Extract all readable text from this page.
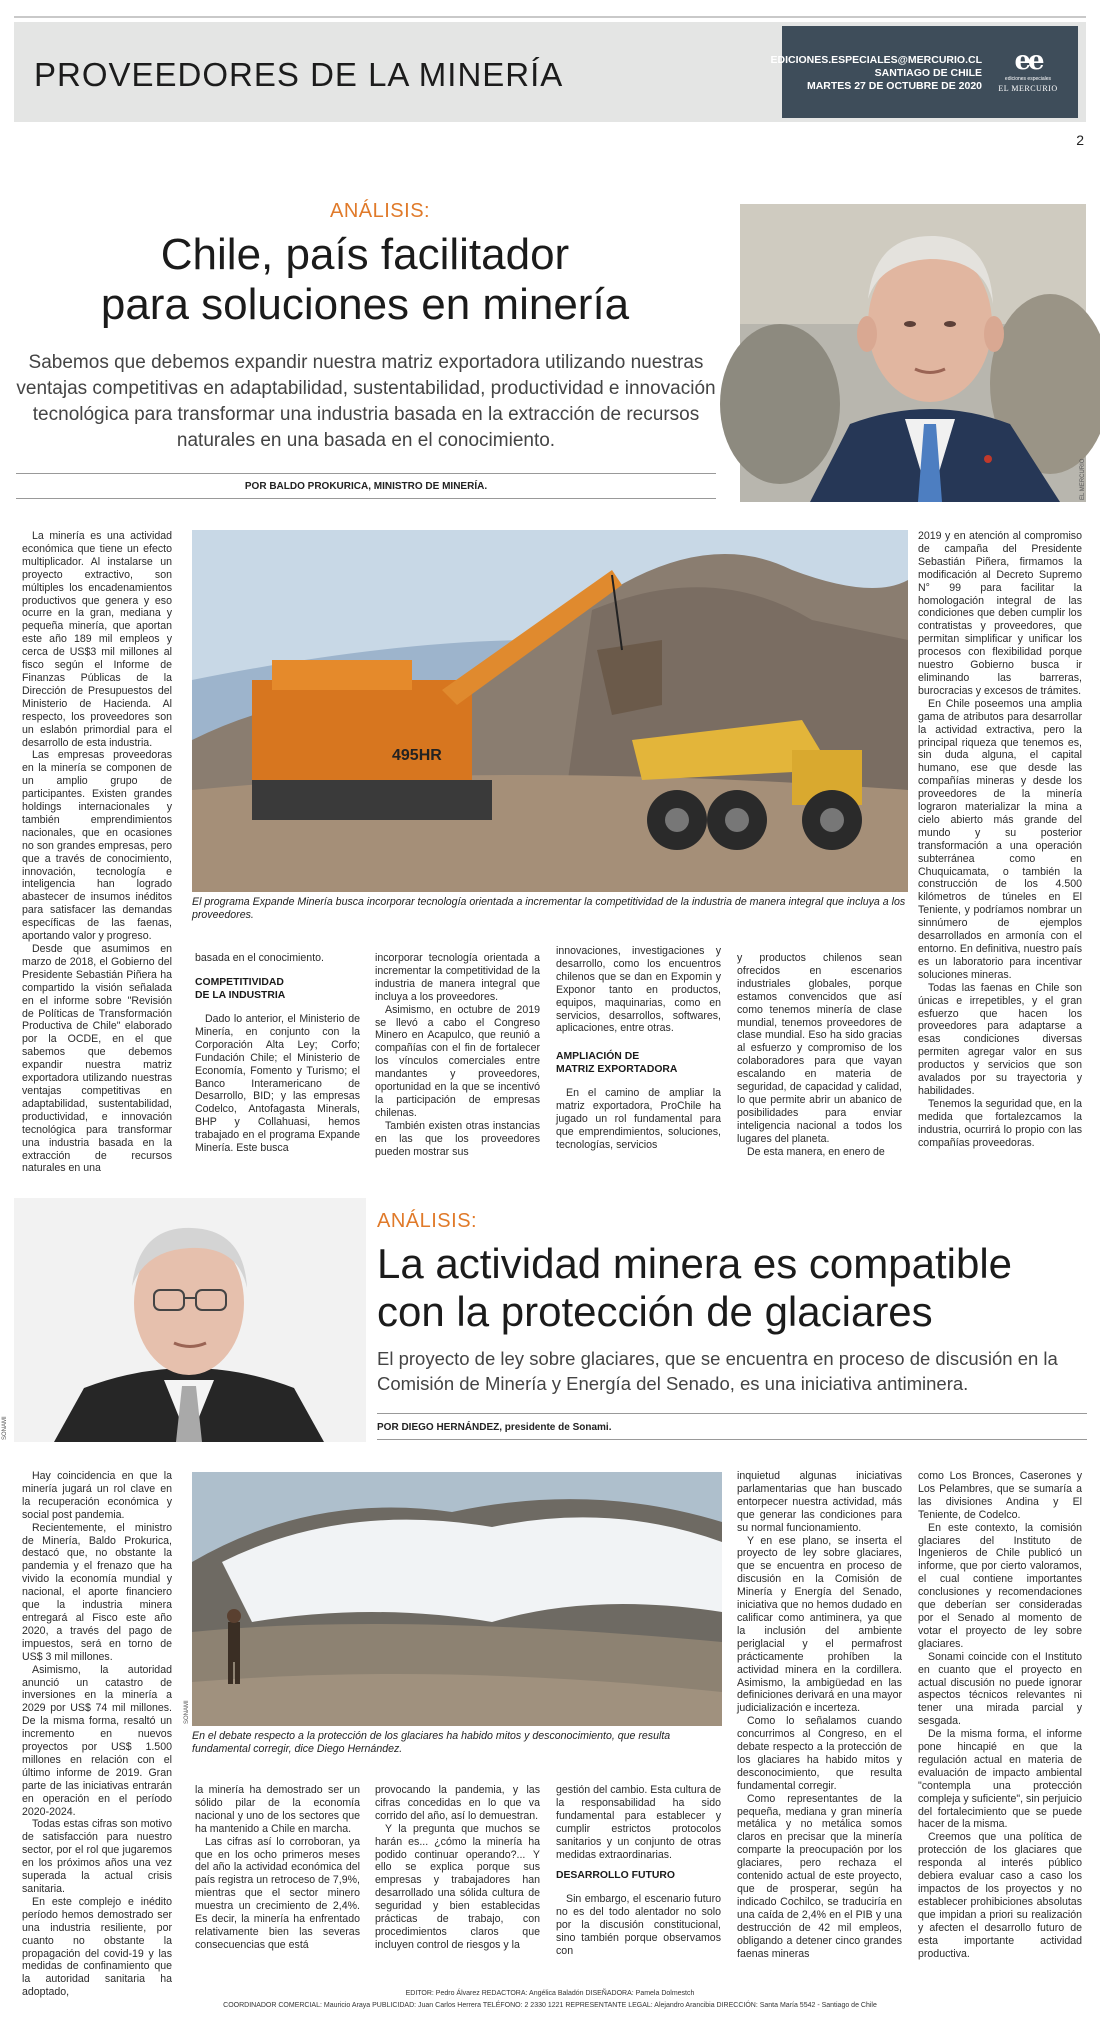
PROVEEDORES DE LA MINERÍA	EDICIONES.ESPECIALES@MERCURIO.CL
SANTIAGO DE CHILE
MARTES 27 DE OCTUBRE DE 2020
ee
ediciones especiales
EL MERCURIO
2
ANÁLISIS:
Chile, país facilitador
para soluciones en minería
Sabemos que debemos expandir nuestra matriz exportadora utilizando nuestras ventajas competitivas en adaptabilidad, sustentabilidad, productividad e innovación tecnológica para transformar una industria basada en la extracción de recursos naturales en una basada en el conocimiento.
POR BALDO PROKURICA, MINISTRO DE MINERÍA.	EL MERCURIO
495HR
El programa Expande Minería busca incorporar tecnología orientada a incrementar la competitividad de la industria de manera integral que incluya a los proveedores.

La minería es una actividad económica que tiene un efecto multiplicador. Al instalarse un proyecto extractivo, son múltiples los encadenamientos productivos que genera y eso ocurre en la gran, mediana y pequeña minería, que aportan este año 189 mil empleos y cerca de US$3 mil millones al fisco según el Informe de Finanzas Públicas de la Dirección de Presupuestos del Ministerio de Hacienda. Al respecto, los proveedores son un eslabón primordial para el desarrollo de esta industria.

Las empresas proveedoras en la minería se componen de un amplio grupo de participantes. Existen grandes holdings internacionales y también emprendimientos nacionales, que en ocasiones no son grandes empresas, pero que a través de conocimiento, innovación, tecnología e inteligencia han logrado abastecer de insumos inéditos para satisfacer las demandas específicas de las faenas, aportando valor y progreso.

Desde que asumimos en marzo de 2018, el Gobierno del Presidente Sebastián Piñera ha compartido la visión señalada en el informe sobre "Revisión de Políticas de Transformación Productiva de Chile" elaborado por la OCDE, en el que sabemos que debemos expandir nuestra matriz exportadora utilizando nuestras ventajas competitivas en adaptabilidad, sustentabilidad, productividad, e innovación tecnológica para transformar una industria basada en la extracción de recursos naturales en una

basada en el conocimiento.

COMPETITIVIDAD
DE LA INDUSTRIA

Dado lo anterior, el Ministerio de Minería, en conjunto con la Corporación Alta Ley; Corfo; Fundación Chile; el Ministerio de Economía, Fomento y Turismo; el Banco Interamericano de Desarrollo, BID; y las empresas Codelco, Antofagasta Minerals, BHP y Collahuasi, hemos trabajado en el programa Expande Minería. Este busca

incorporar tecnología orientada a incrementar la competitividad de la industria de manera integral que incluya a los proveedores.

Asimismo, en octubre de 2019 se llevó a cabo el Congreso Minero en Acapulco, que reunió a compañías con el fin de fortalecer los vínculos comerciales entre mandantes y proveedores, oportunidad en la que se incentivó la participación de empresas chilenas.

También existen otras instancias en las que los proveedores pueden mostrar sus

innovaciones, investigaciones y desarrollo, como los encuentros chilenos que se dan en Expomin y Exponor tanto en productos, equipos, maquinarias, como en servicios, desarrollos, softwares, aplicaciones, entre otras.

AMPLIACIÓN DE
MATRIZ EXPORTADORA

En el camino de ampliar la matriz exportadora, ProChile ha jugado un rol fundamental para que emprendimientos, soluciones, tecnologías, servicios

y productos chilenos sean ofrecidos en escenarios industriales globales, porque estamos convencidos que así como tenemos minería de clase mundial, tenemos proveedores de clase mundial. Eso ha sido gracias al esfuerzo y compromiso de los colaboradores para que vayan escalando en materia de seguridad, de capacidad y calidad, lo que permite abrir un abanico de posibilidades para enviar inteligencia nacional a todos los lugares del planeta.

De esta manera, en enero de

2019 y en atención al compromiso de campaña del Presidente Sebastián Piñera, firmamos la modificación al Decreto Supremo N° 99 para facilitar la homologación integral de las condiciones que deben cumplir los contratistas y proveedores, que permitan simplificar y unificar los procesos con flexibilidad porque nuestro Gobierno busca ir eliminando las barreras, burocracias y excesos de trámites.

En Chile poseemos una amplia gama de atributos para desarrollar la actividad extractiva, pero la principal riqueza que tenemos es, sin duda alguna, el capital humano, ese que desde las compañías mineras y desde los proveedores de la minería lograron materializar la mina a cielo abierto más grande del mundo y su posterior transformación a una operación subterránea como en Chuquicamata, o también la construcción de los 4.500 kilómetros de túneles en El Teniente, y podríamos nombrar un sinnúmero de ejemplos desarrollados en armonía con el entorno. En definitiva, nuestro país es un laboratorio para incentivar soluciones mineras.

Todas las faenas en Chile son únicas e irrepetibles, y el gran esfuerzo que hacen los proveedores para adaptarse a esas condiciones diversas permiten agregar valor en sus productos y servicios que son avalados por su trayectoria y habilidades.

Tenemos la seguridad que, en la medida que fortalezcamos la industria, ocurrirá lo propio con las compañías proveedoras.

SONAMI
ANÁLISIS:
La actividad minera es compatible
con la protección de glaciares
El proyecto de ley sobre glaciares, que se encuentra en proceso de discusión en la Comisión de Minería y Energía del Senado, es una iniciativa antiminera.
POR DIEGO HERNÁNDEZ, presidente de Sonami.
SONAMI
En el debate respecto a la protección de los glaciares ha habido mitos y desconocimiento, que resulta fundamental corregir, dice Diego Hernández.

Hay coincidencia en que la minería jugará un rol clave en la recuperación económica y social post pandemia.

Recientemente, el ministro de Minería, Baldo Prokurica, destacó que, no obstante la pandemia y el frenazo que ha vivido la economía mundial y nacional, el aporte financiero que la industria minera entregará al Fisco este año 2020, a través del pago de impuestos, será en torno de US$ 3 mil millones.

Asimismo, la autoridad anunció un catastro de inversiones en la minería a 2029 por US$ 74 mil millones. De la misma forma, resaltó un incremento en nuevos proyectos por US$ 1.500 millones en relación con el último informe de 2019. Gran parte de las iniciativas entrarán en operación en el período 2020-2024.

Todas estas cifras son motivo de satisfacción para nuestro sector, por el rol que jugaremos en los próximos años una vez superada la actual crisis sanitaria.

En este complejo e inédito período hemos demostrado ser una industria resiliente, por cuanto no obstante la propagación del covid-19 y las medidas de confinamiento que la autoridad sanitaria ha adoptado,

la minería ha demostrado ser un sólido pilar de la economía nacional y uno de los sectores que ha mantenido a Chile en marcha.

Las cifras así lo corroboran, ya que en los ocho primeros meses del año la actividad económica del país registra un retroceso de 7,9%, mientras que el sector minero muestra un crecimiento de 2,4%. Es decir, la minería ha enfrentado relativamente bien las severas consecuencias que está

provocando la pandemia, y las cifras concedidas en lo que va corrido del año, así lo demuestran.

Y la pregunta que muchos se harán es... ¿cómo la minería ha podido continuar operando?... Y ello se explica porque sus empresas y trabajadores han desarrollado una sólida cultura de seguridad y bien establecidas prácticas de trabajo, con procedimientos claros que incluyen control de riesgos y la

gestión del cambio. Esta cultura de la responsabilidad ha sido fundamental para establecer y cumplir estrictos protocolos sanitarios y un conjunto de otras medidas extraordinarias.

DESARROLLO FUTURO

Sin embargo, el escenario futuro no es del todo alentador no solo por la discusión constitucional, sino también porque observamos con

inquietud algunas iniciativas parlamentarias que han buscado entorpecer nuestra actividad, más que generar las condiciones para su normal funcionamiento.

Y en ese plano, se inserta el proyecto de ley sobre glaciares, que se encuentra en proceso de discusión en la Comisión de Minería y Energía del Senado, iniciativa que no hemos dudado en calificar como antiminera, ya que la inclusión del ambiente periglacial y el permafrost prácticamente prohíben la actividad minera en la cordillera. Asimismo, la ambigüedad en las definiciones derivará en una mayor judicialización e incerteza.

Como lo señalamos cuando concurrimos al Congreso, en el debate respecto a la protección de los glaciares ha habido mitos y desconocimiento, que resulta fundamental corregir.

Como representantes de la pequeña, mediana y gran minería metálica y no metálica somos claros en precisar que la minería comparte la preocupación por los glaciares, pero rechaza el contenido actual de este proyecto, que de prosperar, según ha indicado Cochilco, se traduciría en una caída de 2,4% en el PIB y una destrucción de 42 mil empleos, obligando a detener cinco grandes faenas mineras

como Los Bronces, Caserones y Los Pelambres, que se sumaría a las divisiones Andina y El Teniente, de Codelco.

En este contexto, la comisión glaciares del Instituto de Ingenieros de Chile publicó un informe, que por cierto valoramos, el cual contiene importantes conclusiones y recomendaciones que deberían ser consideradas por el Senado al momento de votar el proyecto de ley sobre glaciares.

Sonami coincide con el Instituto en cuanto que el proyecto en actual discusión no puede ignorar aspectos técnicos relevantes ni tener una mirada parcial y sesgada.

De la misma forma, el informe pone hincapié en que la regulación actual en materia de evaluación de impacto ambiental "contempla una protección compleja y suficiente", sin perjuicio del fortalecimiento que se puede hacer de la misma.

Creemos que una política de protección de los glaciares que responda al interés público debiera evaluar caso a caso los impactos de los proyectos y no establecer prohibiciones absolutas que impidan a priori su realización y afecten el desarrollo futuro de esta importante actividad productiva.

EDITOR: Pedro Álvarez REDACTORA: Angélica Baladón DISEÑADORA: Pamela Dolmestch
COORDINADOR COMERCIAL: Mauricio Araya PUBLICIDAD: Juan Carlos Herrera TELÉFONO: 2 2330 1221 REPRESENTANTE LEGAL: Alejandro Arancibia DIRECCIÓN: Santa María 5542 - Santiago de Chile
